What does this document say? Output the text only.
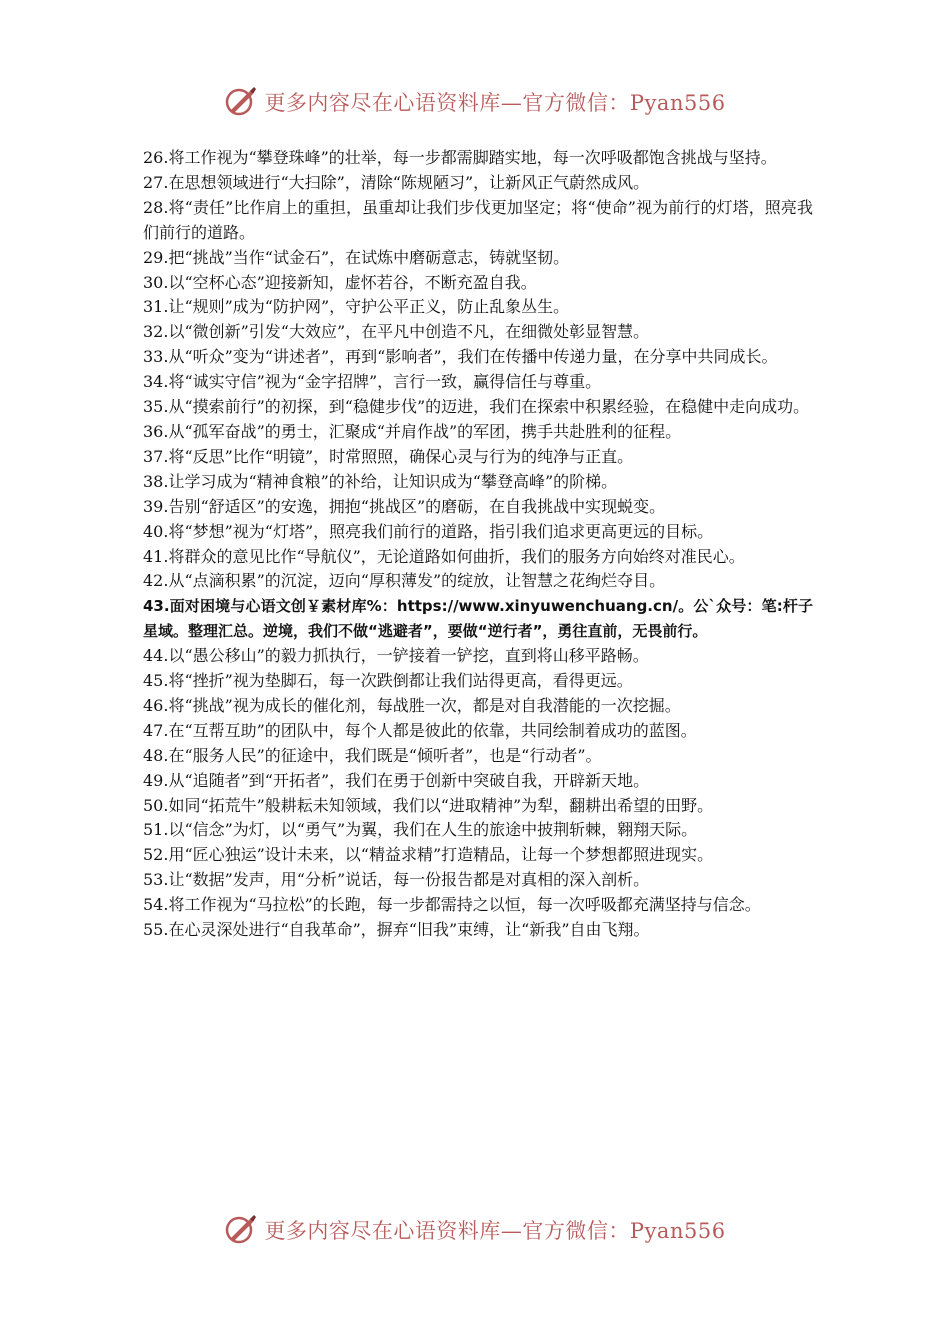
更多内容尽在心语资料库—官方微信：Pyan556
26.将工作视为“攀登珠峰”的壮举，每一步都需脚踏实地，每一次呼吸都饱含挑战与坚持。
27.在思想领域进行“大扫除”，清除“陈规陋习”，让新风正气蔚然成风。
28.将“责任”比作肩上的重担，虽重却让我们步伐更加坚定；将“使命”视为前行的灯塔，照亮我们前行的道路。
29.把“挑战”当作“试金石”，在试炼中磨砺意志，铸就坚韧。
30.以“空杯心态”迎接新知，虚怀若谷，不断充盈自我。
31.让“规则”成为“防护网”，守护公平正义，防止乱象丛生。
32.以“微创新”引发“大效应”，在平凡中创造不凡，在细微处彰显智慧。
33.从“听众”变为“讲述者”，再到“影响者”，我们在传播中传递力量，在分享中共同成长。
34.将“诚实守信”视为“金字招牌”，言行一致，赢得信任与尊重。
35.从“摸索前行”的初探，到“稳健步伐”的迈进，我们在探索中积累经验，在稳健中走向成功。
36.从“孤军奋战”的勇士，汇聚成“并肩作战”的军团，携手共赴胜利的征程。
37.将“反思”比作“明镜”，时常照照，确保心灵与行为的纯净与正直。
38.让学习成为“精神食粮”的补给，让知识成为“攀登高峰”的阶梯。
39.告别“舒适区”的安逸，拥抱“挑战区”的磨砺，在自我挑战中实现蜕变。
40.将“梦想”视为“灯塔”，照亮我们前行的道路，指引我们追求更高更远的目标。
41.将群众的意见比作“导航仪”，无论道路如何曲折，我们的服务方向始终对准民心。
42.从“点滴积累”的沉淀，迈向“厚积薄发”的绽放，让智慧之花绚烂夺目。
43.面对困境与心语文创￥素材库%：https://www.xinyuwenchuang.cn/。公`众号：笔:杆子星域。整理汇总。逆境，我们不做“逃避者”，要做“逆行者”，勇往直前，无畏前行。
44.以“愚公移山”的毅力抓执行，一铲接着一铲挖，直到将山移平路畅。
45.将“挫折”视为垫脚石，每一次跌倒都让我们站得更高，看得更远。
46.将“挑战”视为成长的催化剂，每战胜一次，都是对自我潜能的一次挖掘。
47.在“互帮互助”的团队中，每个人都是彼此的依靠，共同绘制着成功的蓝图。
48.在“服务人民”的征途中，我们既是“倾听者”，也是“行动者”。
49.从“追随者”到“开拓者”，我们在勇于创新中突破自我，开辟新天地。
50.如同“拓荒牛”般耕耘未知领域，我们以“进取精神”为犁，翻耕出希望的田野。
51.以“信念”为灯，以“勇气”为翼，我们在人生的旅途中披荆斩棘，翱翔天际。
52.用“匠心独运”设计未来，以“精益求精”打造精品，让每一个梦想都照进现实。
53.让“数据”发声，用“分析”说话，每一份报告都是对真相的深入剖析。
54.将工作视为“马拉松”的长跑，每一步都需持之以恒，每一次呼吸都充满坚持与信念。
55.在心灵深处进行“自我革命”，摒弃“旧我”束缚，让“新我”自由飞翔。
更多内容尽在心语资料库—官方微信：Pyan556
